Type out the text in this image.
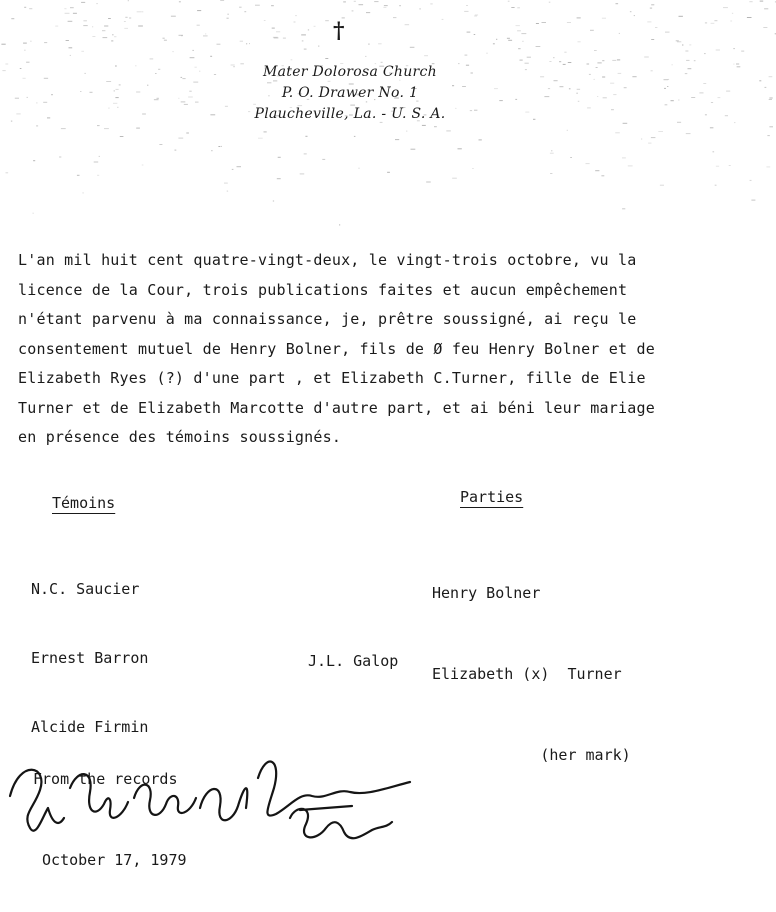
†
Mater Dolorosa Church
P. O. Drawer No. 1
Plaucheville, La. - U. S. A.
L'an mil huit cent quatre-vingt-deux, le vingt-trois octobre, vu la
licence de la Cour, trois publications faites et aucun empêchement
n'étant parvenu à ma connaissance, je, prêtre soussigné, ai reçu le
consentement mutuel de Henry Bolner, fils de Ø feu Henry Bolner et de
Elizabeth Ryes (?) d'une part , et Elizabeth C.Turner, fille de Elie
Turner et de Elizabeth Marcotte d'autre part, et ai béni leur mariage
en présence des témoins soussignés.
Témoins	Parties

N.C. Saucier

Ernest Barron

Alcide Firmin

Henry Bolner

Elizabeth (x)  Turner

(her mark)

J.L. Galop

From the records

October 17, 1979
